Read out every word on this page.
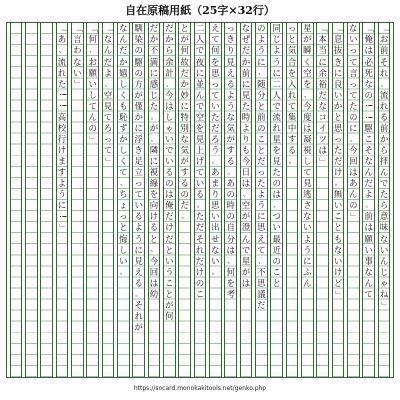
自在原稿用紙（25字×32行）
「
お
前
そ
れ
、
流
れ
る
前
か
ら
拝
ん
で
た
ら
意
味
な
い
ん
じ
ゃ
ね
」
「
俺
は
必
死
な
の
!
!
駆
こ
そ
な
ん
だ
よ
。
前
は
願
い
事
な
ん
て
な
い
っ
て
言
っ
て
た
の
に
。
今
回
は
あ
ん
の
」
「
息
抜
き
に
良
い
か
と
思
っ
た
だ
け
。
無
い
こ
と
も
な
い
け
ど
」
「
本
当
に
余
裕
だ
な
コ
イ
ツ
は
」
星
が
瞬
く
空
を
、
今
度
は
凝
視
し
て
見
逃
さ
な
い
よ
う
に
ふ
ん
っ
と
気
合
を
入
れ
て
集
中
す
る
。
同
じ
よ
う
に
二
人
で
流
れ
星
を
見
た
の
は
、
つ
い
最
近
の
こ
と
の
よ
う
に
、
随
分
と
前
の
こ
と
だ
っ
た
よ
う
に
思
え
て
、
不
思
議
だ
な
ぜ
だ
か
前
に
見
た
時
よ
り
も
今
日
は
、
空
が
澄
ん
で
星
が
は
っ
き
り
見
え
る
よ
う
な
気
が
す
る
。
あ
の
時
の
自
分
は
、
何
を
考
え
て
何
を
思
っ
て
い
た
だ
ろ
う
。
あ
ま
り
思
い
出
せ
な
い
。
二
人
で
夜
に
並
ん
で
空
を
見
上
げ
て
い
る
。
た
だ
そ
れ
だ
け
の
こ
と
が
何
故
だ
か
妙
に
特
別
な
気
が
す
る
の
だ
。
だ
か
ら
余
計
、
今
は
し
ゃ
い
で
い
る
の
は
俺
だ
け
だ
と
い
う
こ
と
が
何
だ
か
不
満
に
感
じ
た
。
が
、
隣
に
視
線
を
向
け
る
と
、
今
回
は
幼
馴
染
の
駆
の
方
が
僅
か
に
浮
き
足
立
っ
て
い
る
よ
う
に
見
え
る
。
そ
れ
が
な
ん
だ
か
嬉
し
く
も
恥
ず
か
し
く
て
、
ち
ょ
っ
と
悔
し
い
。
「
な
ん
だ
よ
、
空
見
て
ろ
っ
て
」
「
何
、
お
願
い
し
て
ん
の
」
「
言
わ
な
い
」
「
あ
、
流
れ
た
!
!
高
校
行
け
ま
す
よ
う
に
!
」
https://socard.monokakitools.net/genko.php
